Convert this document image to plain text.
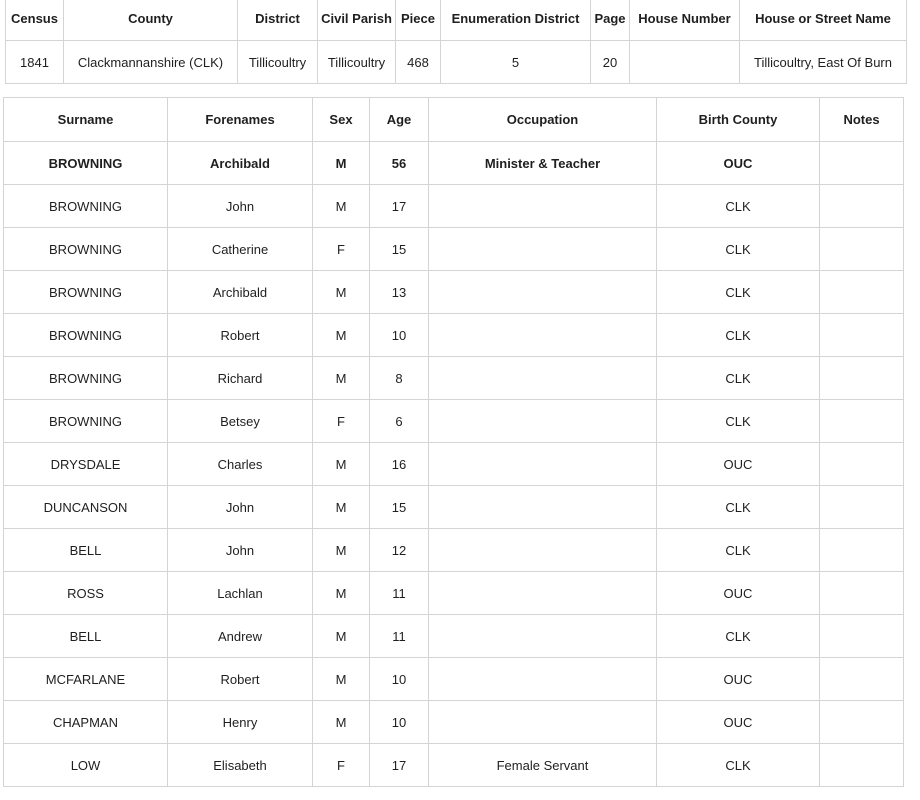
Census	County	District	Civil Parish	Piece	Enumeration District	Page	House Number	House or Street Name
1841	Clackmannanshire (CLK)	Tillicoultry	Tillicoultry	468	5	20		Tillicoultry, East Of Burn
Surname	Forenames	Sex	Age	Occupation	Birth County	Notes
BROWNING	Archibald	M	56	Minister & Teacher	OUC	
BROWNING	John	M	17		CLK	
BROWNING	Catherine	F	15		CLK	
BROWNING	Archibald	M	13		CLK	
BROWNING	Robert	M	10		CLK	
BROWNING	Richard	M	8		CLK	
BROWNING	Betsey	F	6		CLK	
DRYSDALE	Charles	M	16		OUC	
DUNCANSON	John	M	15		CLK	
BELL	John	M	12		CLK	
ROSS	Lachlan	M	11		OUC	
BELL	Andrew	M	11		CLK	
MCFARLANE	Robert	M	10		OUC	
CHAPMAN	Henry	M	10		OUC	
LOW	Elisabeth	F	17	Female Servant	CLK	
